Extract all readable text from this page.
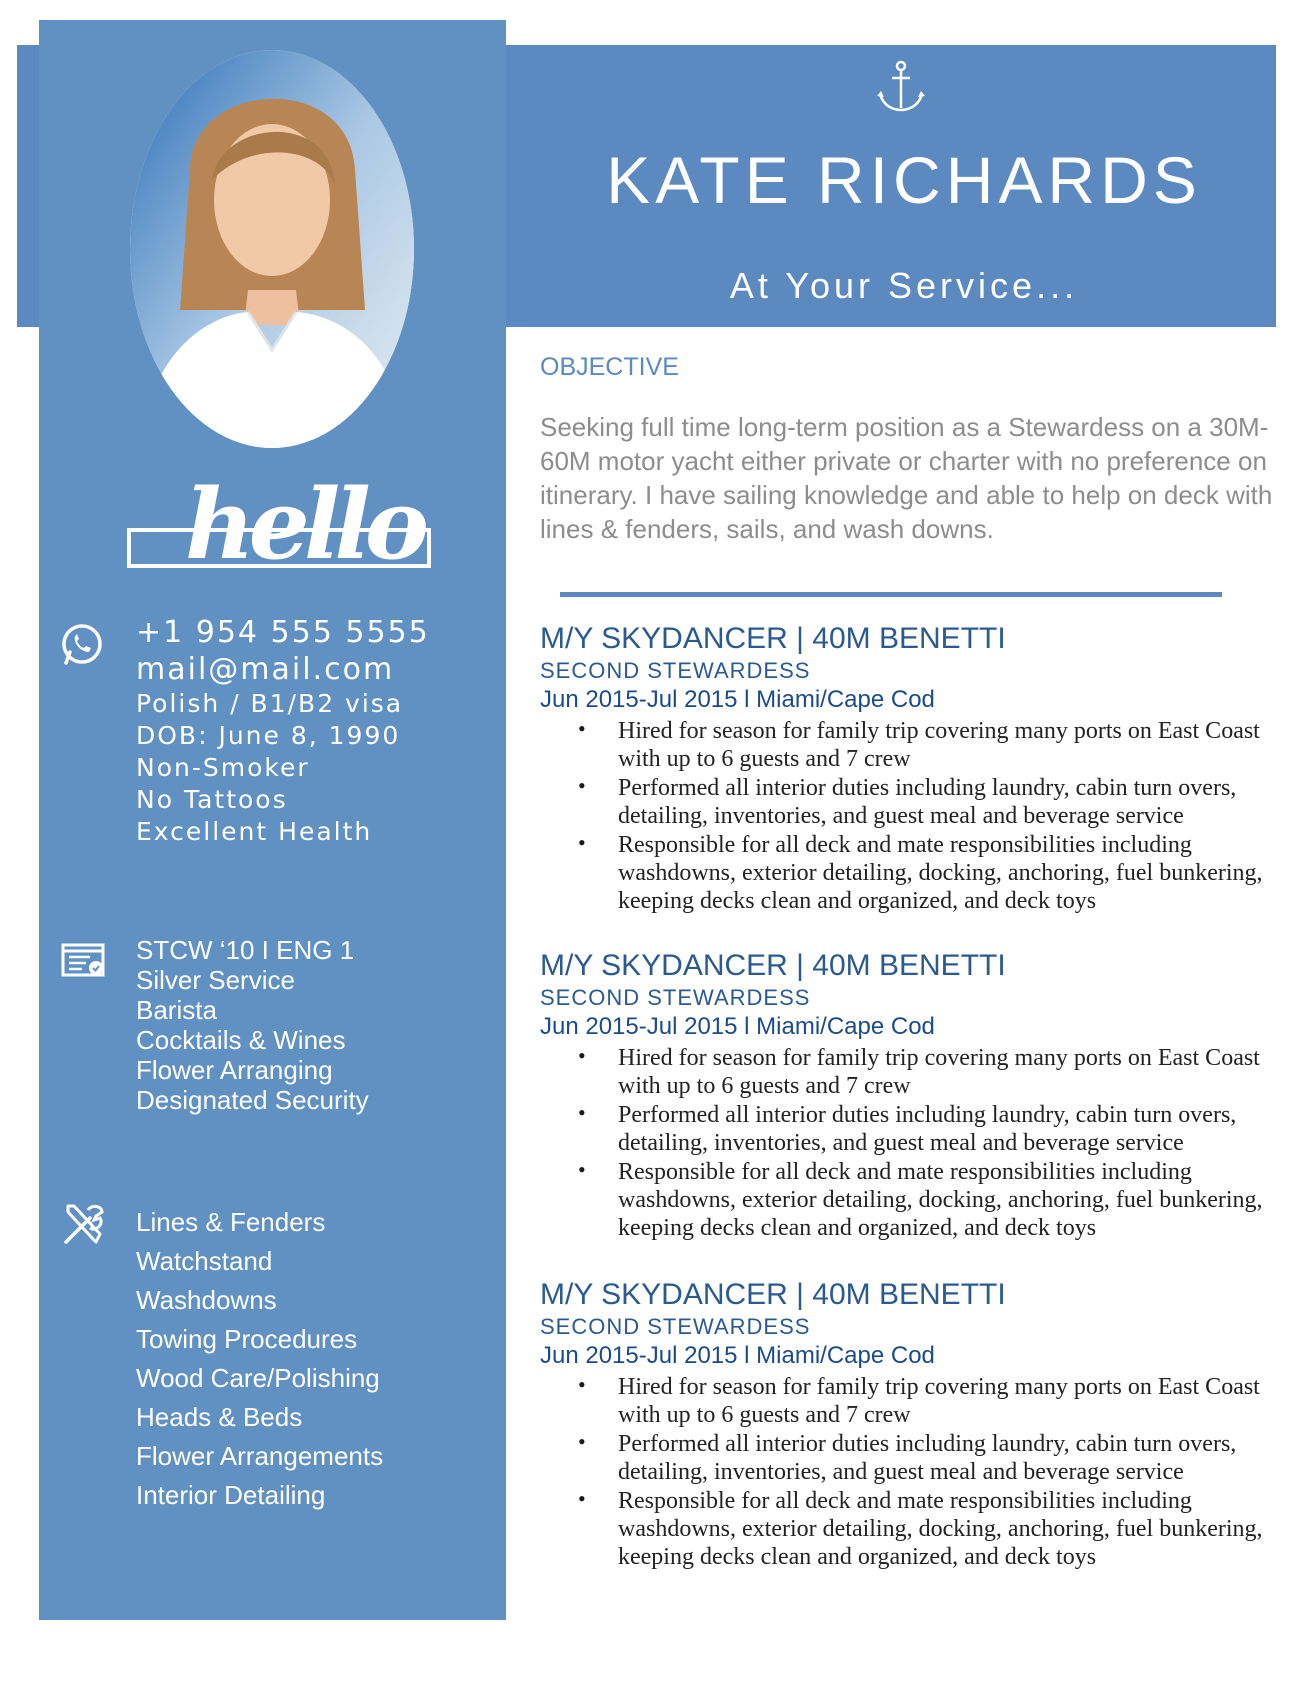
hello
+1 954 555 5555
mail@mail.com
Polish / B1/B2 visa
DOB: June 8, 1990
Non-Smoker
No Tattoos
Excellent Health
STCW ‘10 I ENG 1
Silver Service
Barista
Cocktails & Wines
Flower Arranging
Designated Security
Lines & Fenders
Watchstand
Washdowns
Towing Procedures
Wood Care/Polishing
Heads & Beds
Flower Arrangements
Interior Detailing
KATE RICHARDS
At Your Service...
OBJECTIVE
Seeking full time long-term position as a Stewardess on a 30M-60M motor yacht either private or charter with no preference on itinerary. I have sailing knowledge and able to help on deck with lines & fenders, sails, and wash downs.
M/Y SKYDANCER | 40M BENETTI
SECOND STEWARDESS
Jun 2015-Jul 2015 l Miami/Cape Cod
• Hired for season for family trip covering many ports on East Coast with up to 6 guests and 7 crew
• Performed all interior duties including laundry, cabin turn overs, detailing, inventories, and guest meal and beverage service
• Responsible for all deck and mate responsibilities including washdowns, exterior detailing, docking, anchoring, fuel bunkering, keeping decks clean and organized, and deck toys
M/Y SKYDANCER | 40M BENETTI
SECOND STEWARDESS
Jun 2015-Jul 2015 l Miami/Cape Cod
• Hired for season for family trip covering many ports on East Coast with up to 6 guests and 7 crew
• Performed all interior duties including laundry, cabin turn overs, detailing, inventories, and guest meal and beverage service
• Responsible for all deck and mate responsibilities including washdowns, exterior detailing, docking, anchoring, fuel bunkering, keeping decks clean and organized, and deck toys
M/Y SKYDANCER | 40M BENETTI
SECOND STEWARDESS
Jun 2015-Jul 2015 l Miami/Cape Cod
• Hired for season for family trip covering many ports on East Coast with up to 6 guests and 7 crew
• Performed all interior duties including laundry, cabin turn overs, detailing, inventories, and guest meal and beverage service
• Responsible for all deck and mate responsibilities including washdowns, exterior detailing, docking, anchoring, fuel bunkering, keeping decks clean and organized, and deck toys
